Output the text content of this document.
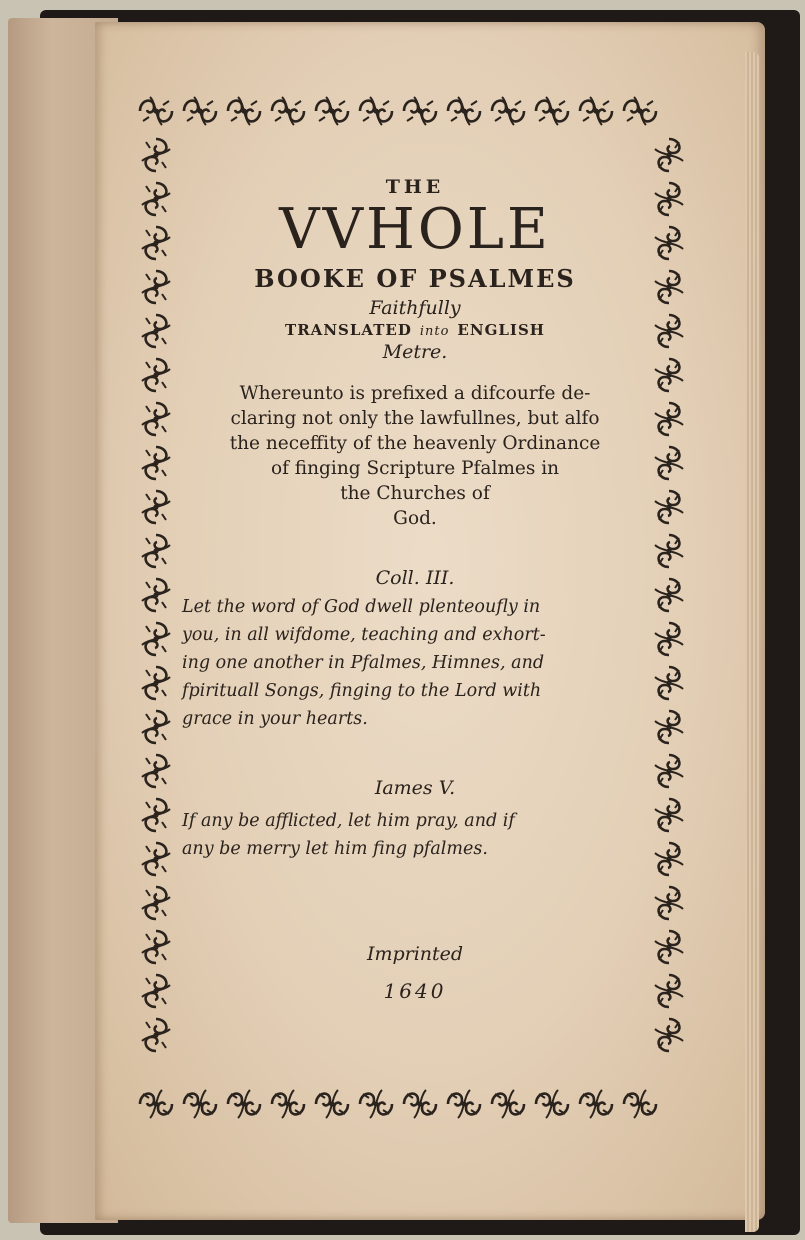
THE
VVHOLE
BOOKE OF PSALMES
Faithfully
TRANSLATED into ENGLISH
Metre.
Whereunto is prefixed a difcourfe de-
claring not only the lawfullnes, but alfo
the neceffity of the heavenly Ordinance
of finging Scripture Pfalmes in
the Churches of
God.
Coll. III.
Let the word of God dwell plenteoufly in
you, in all wifdome, teaching and exhort-
ing one another in Pfalmes, Himnes, and
fpirituall Songs, finging to the Lord with
grace in your hearts.
Iames V.
If any be afflicted, let him pray, and if
any be merry let him fing pfalmes.
Imprinted
1640
